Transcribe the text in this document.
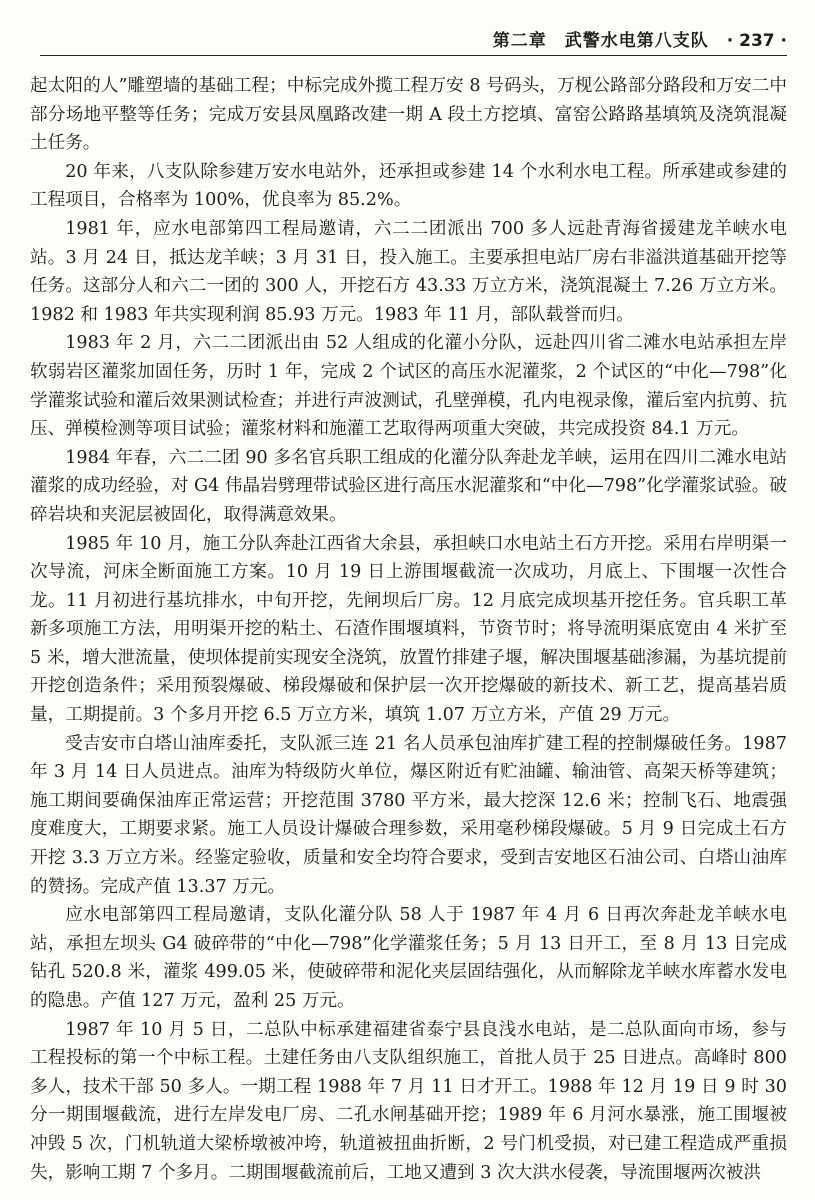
第二章 武警水电第八支队 · 237 ·

起太阳的人”雕塑墙的基础工程；中标完成外揽工程万安 8 号码头，万枧公路部分路段和万安二中部分场地平整等任务；完成万安县凤凰路改建一期 A 段土方挖填、富窑公路路基填筑及浇筑混凝土任务。

20 年来，八支队除参建万安水电站外，还承担或参建 14 个水利水电工程。所承建或参建的工程项目，合格率为 100%，优良率为 85.2%。

1981 年，应水电部第四工程局邀请，六二二团派出 700 多人远赴青海省援建龙羊峡水电站。3 月 24 日，抵达龙羊峡；3 月 31 日，投入施工。主要承担电站厂房右非溢洪道基础开挖等任务。这部分人和六二一团的 300 人，开挖石方 43.33 万立方米，浇筑混凝土 7.26 万立方米。1982 和 1983 年共实现利润 85.93 万元。1983 年 11 月，部队载誉而归。

1983 年 2 月，六二二团派出由 52 人组成的化灌小分队，远赴四川省二滩水电站承担左岸软弱岩区灌浆加固任务，历时 1 年，完成 2 个试区的高压水泥灌浆，2 个试区的“中化—798”化学灌浆试验和灌后效果测试检查；并进行声波测试，孔壁弹模，孔内电视录像，灌后室内抗剪、抗压、弹模检测等项目试验；灌浆材料和施灌工艺取得两项重大突破，共完成投资 84.1 万元。

1984 年春，六二二团 90 多名官兵职工组成的化灌分队奔赴龙羊峡，运用在四川二滩水电站灌浆的成功经验，对 G4 伟晶岩劈理带试验区进行高压水泥灌浆和“中化—798”化学灌浆试验。破碎岩块和夹泥层被固化，取得满意效果。

1985 年 10 月，施工分队奔赴江西省大余县，承担峡口水电站土石方开挖。采用右岸明渠一次导流，河床全断面施工方案。10 月 19 日上游围堰截流一次成功，月底上、下围堰一次性合龙。11 月初进行基坑排水，中旬开挖，先闸坝后厂房。12 月底完成坝基开挖任务。官兵职工革新多项施工方法，用明渠开挖的粘土、石渣作围堰填料，节资节时；将导流明渠底宽由 4 米扩至 5 米，增大泄流量，使坝体提前实现安全浇筑，放置竹排建子堰，解决围堰基础渗漏，为基坑提前开挖创造条件；采用预裂爆破、梯段爆破和保护层一次开挖爆破的新技术、新工艺，提高基岩质量，工期提前。3 个多月开挖 6.5 万立方米，填筑 1.07 万立方米，产值 29 万元。

受吉安市白塔山油库委托，支队派三连 21 名人员承包油库扩建工程的控制爆破任务。1987 年 3 月 14 日人员进点。油库为特级防火单位，爆区附近有贮油罐、输油管、高架天桥等建筑；施工期间要确保油库正常运营；开挖范围 3780 平方米，最大挖深 12.6 米；控制飞石、地震强度难度大，工期要求紧。施工人员设计爆破合理参数，采用毫秒梯段爆破。5 月 9 日完成土石方开挖 3.3 万立方米。经鉴定验收，质量和安全均符合要求，受到吉安地区石油公司、白塔山油库的赞扬。完成产值 13.37 万元。

应水电部第四工程局邀请，支队化灌分队 58 人于 1987 年 4 月 6 日再次奔赴龙羊峡水电站，承担左坝头 G4 破碎带的“中化—798”化学灌浆任务；5 月 13 日开工，至 8 月 13 日完成钻孔 520.8 米，灌浆 499.05 米，使破碎带和泥化夹层固结强化，从而解除龙羊峡水库蓄水发电的隐患。产值 127 万元，盈利 25 万元。

1987 年 10 月 5 日，二总队中标承建福建省泰宁县良浅水电站，是二总队面向市场，参与工程投标的第一个中标工程。土建任务由八支队组织施工，首批人员于 25 日进点。高峰时 800 多人，技术干部 50 多人。一期工程 1988 年 7 月 11 日才开工。1988 年 12 月 19 日 9 时 30 分一期围堰截流，进行左岸发电厂房、二孔水闸基础开挖；1989 年 6 月河水暴涨，施工围堰被冲毁 5 次，门机轨道大梁桥墩被冲垮，轨道被扭曲折断，2 号门机受损，对已建工程造成严重损失，影响工期 7 个多月。二期围堰截流前后，工地又遭到 3 次大洪水侵袭，导流围堰两次被洪
